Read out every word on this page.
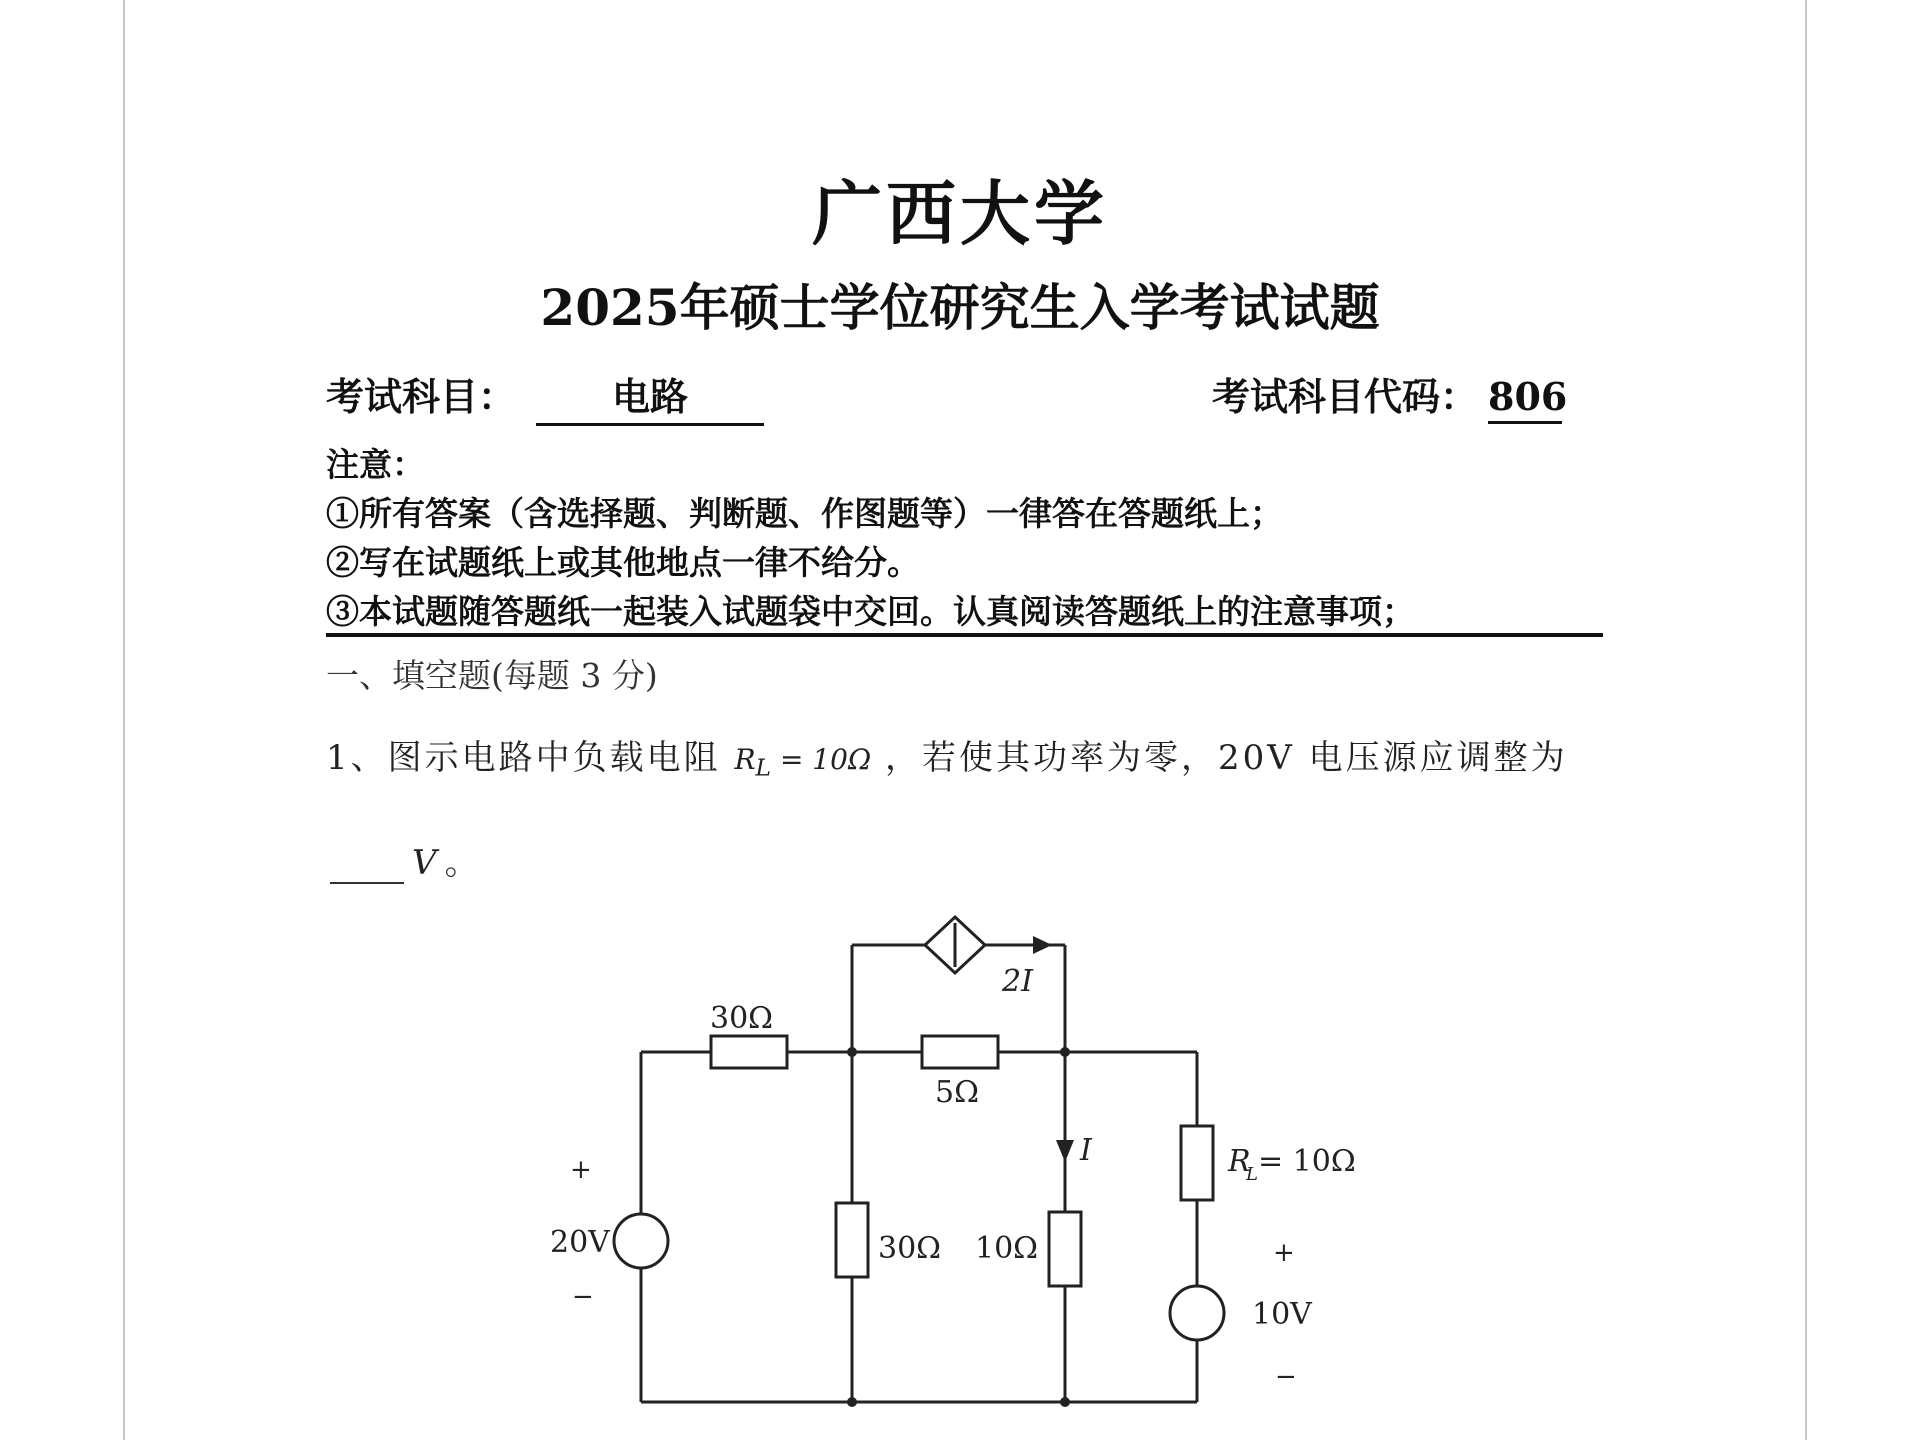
广西大学
2025年硕士学位研究生入学考试试题
考试科目：	电路	考试科目代码： 806
注意：
①所有答案（含选择题、判断题、作图题等）一律答在答题纸上；
②写在试题纸上或其他地点一律不给分。
③本试题随答题纸一起装入试题袋中交回。认真阅读答题纸上的注意事项；
一、填空题(每题 3 分)
1、图示电路中负载电阻 $R_L = 10\Omega$ ，若使其功率为零，20V 电压源应调整为
V 。
30Ω
5Ω
30Ω 10Ω
2I
I	R
L = 10Ω
+
20V
−
+
10V
−
